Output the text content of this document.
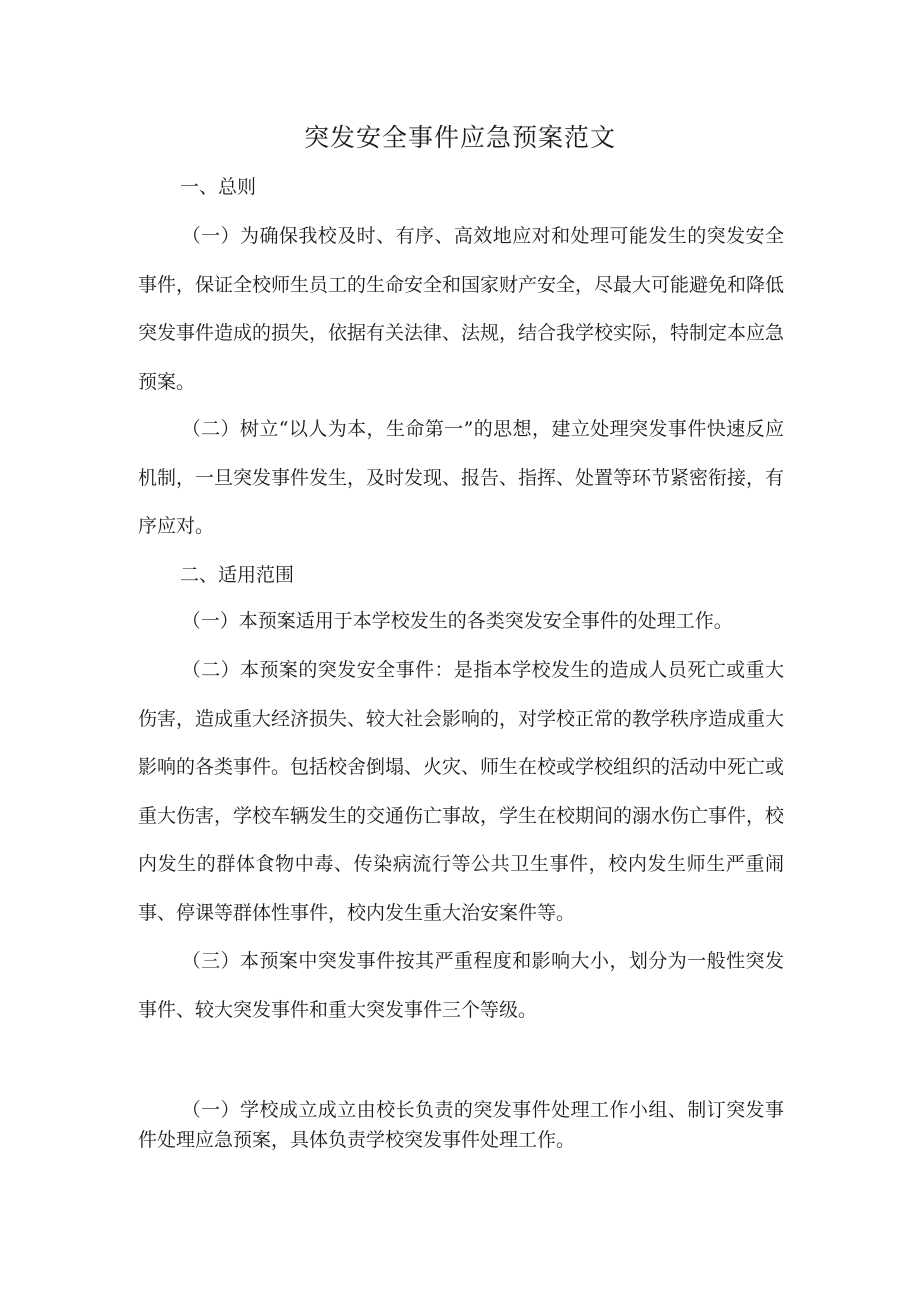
突发安全事件应急预案范文
一、总则
（一）为确保我校及时、有序、高效地应对和处理可能发生的突发安全事件，保证全校师生员工的生命安全和国家财产安全，尽最大可能避免和降低突发事件造成的损失，依据有关法律、法规，结合我学校实际，特制定本应急预案。
（二）树立“以人为本，生命第一”的思想，建立处理突发事件快速反应机制，一旦突发事件发生，及时发现、报告、指挥、处置等环节紧密衔接，有序应对。
二、适用范围
（一）本预案适用于本学校发生的各类突发安全事件的处理工作。
（二）本预案的突发安全事件：是指本学校发生的造成人员死亡或重大伤害，造成重大经济损失、较大社会影响的，对学校正常的教学秩序造成重大影响的各类事件。包括校舍倒塌、火灾、师生在校或学校组织的活动中死亡或重大伤害，学校车辆发生的交通伤亡事故，学生在校期间的溺水伤亡事件，校内发生的群体食物中毒、传染病流行等公共卫生事件，校内发生师生严重闹事、停课等群体性事件，校内发生重大治安案件等。
（三）本预案中突发事件按其严重程度和影响大小，划分为一般性突发事件、较大突发事件和重大突发事件三个等级。
（一）学校成立成立由校长负责的突发事件处理工作小组、制订突发事件处理应急预案，具体负责学校突发事件处理工作。
